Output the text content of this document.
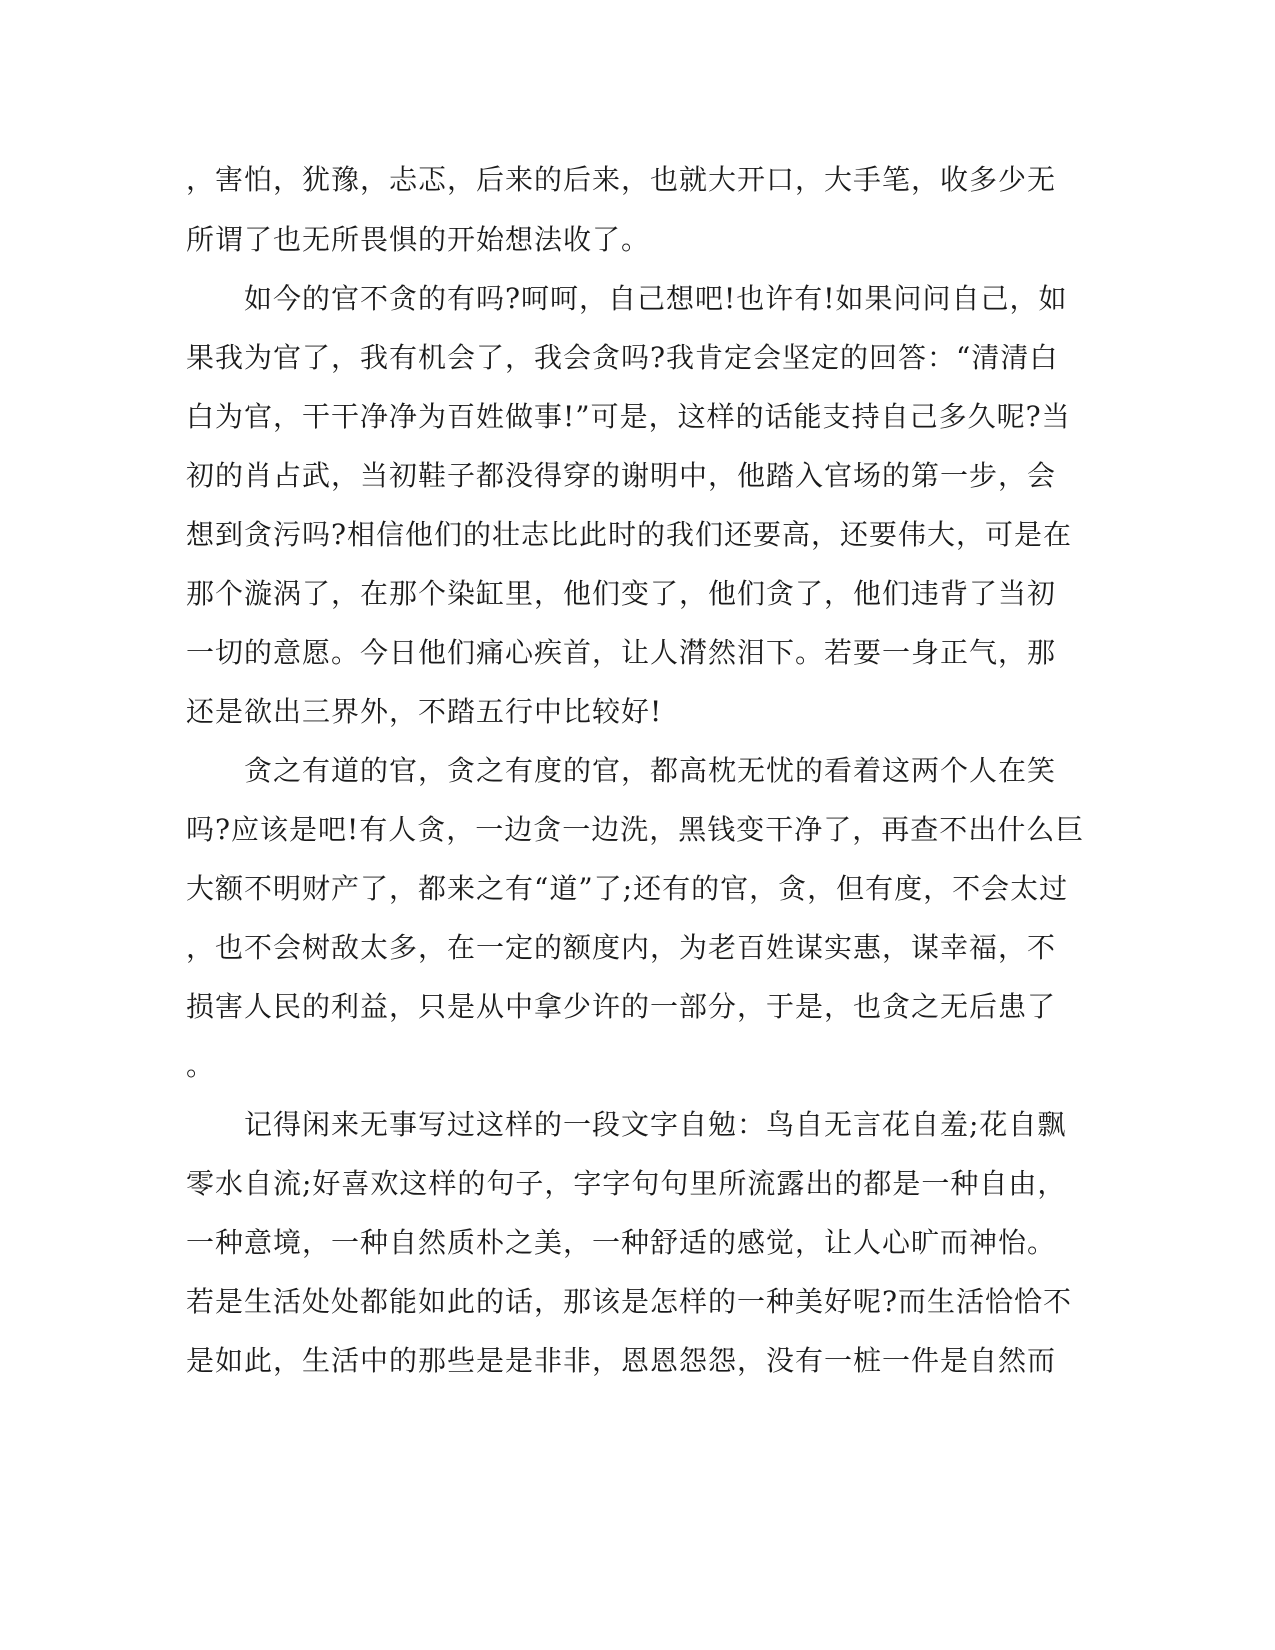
，害怕，犹豫，忐忑，后来的后来，也就大开口，大手笔，收多少无
所谓了也无所畏惧的开始想法收了。
　　如今的官不贪的有吗?呵呵，自己想吧!也许有!如果问问自己，如
果我为官了，我有机会了，我会贪吗?我肯定会坚定的回答：“清清白
白为官，干干净净为百姓做事!”可是，这样的话能支持自己多久呢?当
初的肖占武，当初鞋子都没得穿的谢明中，他踏入官场的第一步，会
想到贪污吗?相信他们的壮志比此时的我们还要高，还要伟大，可是在
那个漩涡了，在那个染缸里，他们变了，他们贪了，他们违背了当初
一切的意愿。今日他们痛心疾首，让人潸然泪下。若要一身正气，那
还是欲出三界外，不踏五行中比较好!
　　贪之有道的官，贪之有度的官，都高枕无忧的看着这两个人在笑
吗?应该是吧!有人贪，一边贪一边洗，黑钱变干净了，再查不出什么巨
大额不明财产了，都来之有“道”了;还有的官，贪，但有度，不会太过
，也不会树敌太多，在一定的额度内，为老百姓谋实惠，谋幸福，不
损害人民的利益，只是从中拿少许的一部分，于是，也贪之无后患了
。
　　记得闲来无事写过这样的一段文字自勉：鸟自无言花自羞;花自飘
零水自流;好喜欢这样的句子，字字句句里所流露出的都是一种自由，
一种意境，一种自然质朴之美，一种舒适的感觉，让人心旷而神怡。
若是生活处处都能如此的话，那该是怎样的一种美好呢?而生活恰恰不
是如此，生活中的那些是是非非，恩恩怨怨，没有一桩一件是自然而
